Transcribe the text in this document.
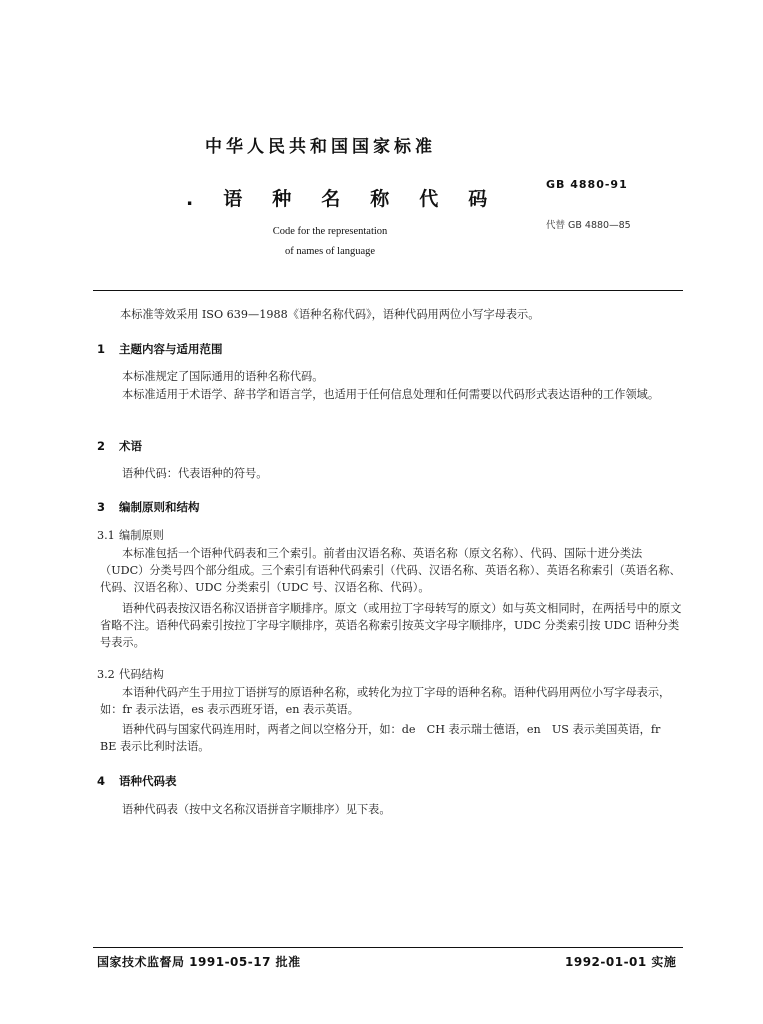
中华人民共和国国家标准
.语种名称代码
Code for the representation
of names of language
GB 4880-91
代替 GB 4880—85
本标准等效采用 ISO 639—1988《语种名称代码》，语种代码用两位小写字母表示。
1 主题内容与适用范围
本标准规定了国际通用的语种名称代码。
本标准适用于术语学、辞书学和语言学，也适用于任何信息处理和任何需要以代码形式表达语种的工作领域。
2 术语
语种代码：代表语种的符号。
3 编制原则和结构
3.1 编制原则
本标准包括一个语种代码表和三个索引。前者由汉语名称、英语名称（原文名称）、代码、国际十进分类法（UDC）分类号四个部分组成。三个索引有语种代码索引（代码、汉语名称、英语名称）、英语名称索引（英语名称、代码、汉语名称）、UDC 分类索引（UDC 号、汉语名称、代码）。
语种代码表按汉语名称汉语拼音字顺排序。原文（或用拉丁字母转写的原文）如与英文相同时，在两括号中的原文省略不注。语种代码索引按拉丁字母字顺排序，英语名称索引按英文字母字顺排序，UDC 分类索引按 UDC 语种分类号表示。
3.2 代码结构
本语种代码产生于用拉丁语拼写的原语种名称，或转化为拉丁字母的语种名称。语种代码用两位小写字母表示，如：fr 表示法语，es 表示西班牙语，en 表示英语。
语种代码与国家代码连用时，两者之间以空格分开，如：de　CH 表示瑞士德语，en　US 表示美国英语，fr　BE 表示比利时法语。
4 语种代码表
语种代码表（按中文名称汉语拼音字顺排序）见下表。
国家技术监督局 1991-05-17 批准	1992-01-01 实施
